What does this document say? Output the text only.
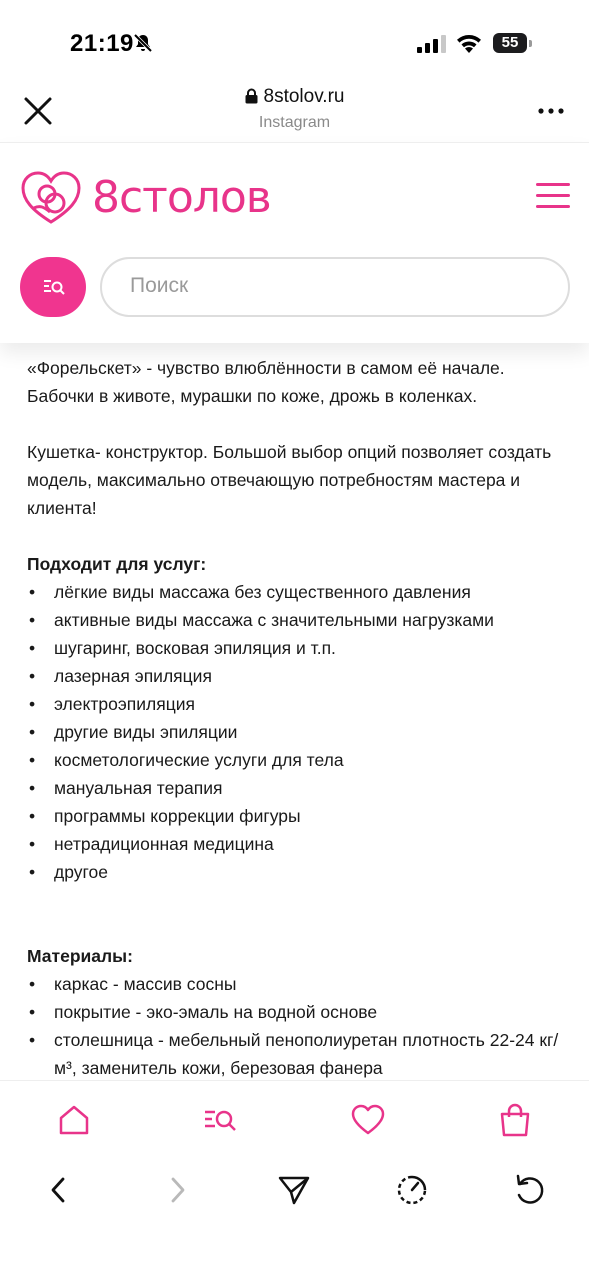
21:19	55
8stolov.ru
Instagram
8столов
Поиск

«Форельскет» - чувство влюблённости в самом её начале.
Бабочки в животе, мурашки по коже, дрожь в коленках.

Кушетка- конструктор. Большой выбор опций позволяет создать модель, максимально отвечающую потребностям мастера и клиента!

Подходит для услуг:
• лёгкие виды массажа без существенного давления
• активные виды массажа с значительными нагрузками
• шугаринг, восковая эпиляция и т.п.
• лазерная эпиляция
• электроэпиляция
• другие виды эпиляции
• косметологические услуги для тела
• мануальная терапия
• программы коррекции фигуры
• нетрадиционная медицина
• другое
Материалы:
• каркас - массив сосны
• покрытие - эко-эмаль на водной основе
• столешница - мебельный пенополиуретан плотность 22-24 кг/м³, заменитель кожи, березовая фанера
